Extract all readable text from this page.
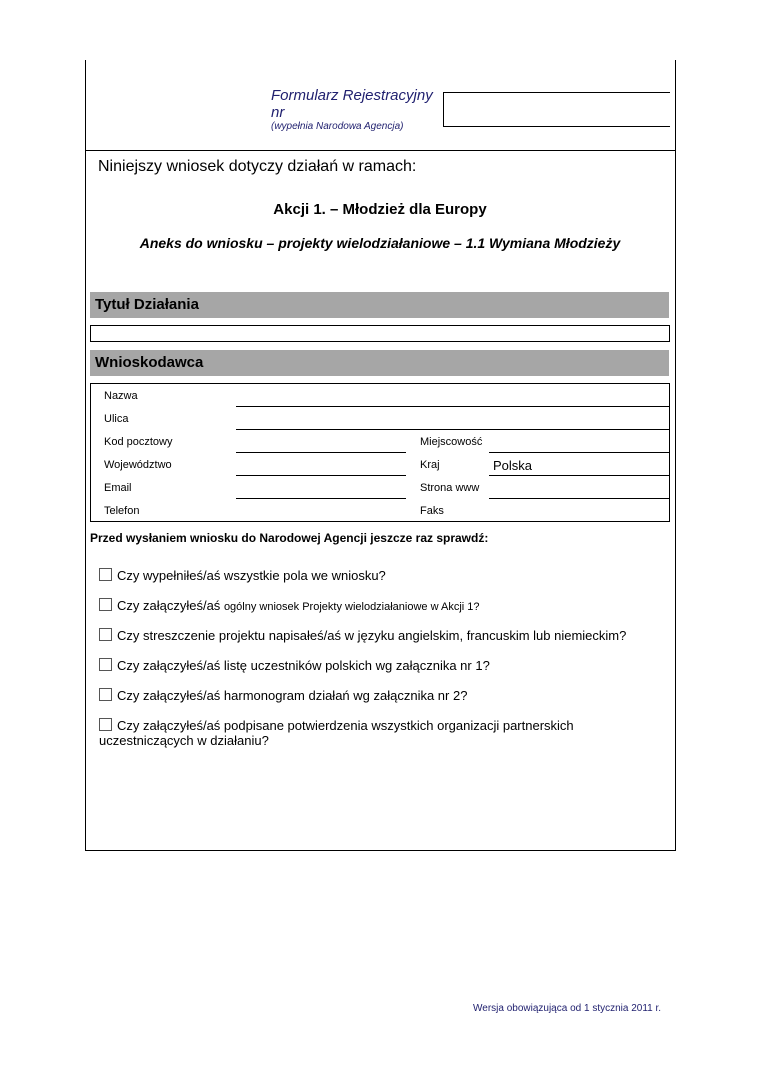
Formularz Rejestracyjny nr
(wypełnia Narodowa Agencja)
Niniejszy wniosek dotyczy działań w ramach:
Akcji 1. – Młodzież dla Europy
Aneks do wniosku – projekty wielodziałaniowe – 1.1 Wymiana Młodzieży
Tytuł Działania
Wnioskodawca
Nazwa
Ulica
Kod pocztowy	Miejscowość
Województwo	Kraj	Polska
Email	Strona www
Telefon	Faks
Przed wysłaniem wniosku do Narodowej Agencji jeszcze raz sprawdź:
Czy wypełniłeś/aś wszystkie pola we wniosku?
Czy załączyłeś/aś ogólny wniosek Projekty wielodziałaniowe w Akcji 1?
Czy streszczenie projektu napisałeś/aś w języku angielskim, francuskim lub niemieckim?
Czy załączyłeś/aś listę uczestników polskich wg załącznika nr 1?
Czy załączyłeś/aś harmonogram działań wg załącznika nr 2?
Czy załączyłeś/aś podpisane potwierdzenia wszystkich organizacji partnerskich uczestniczących w działaniu?
Wersja obowiązująca od 1 stycznia 2011 r.
